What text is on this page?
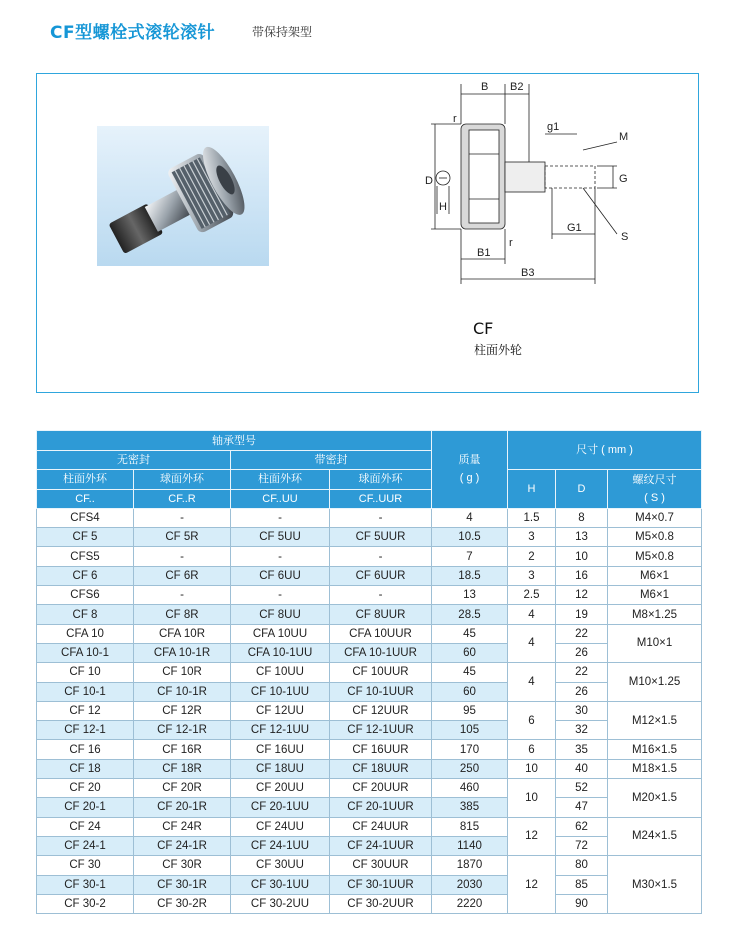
CF型螺栓式滚轮滚针	带保持架型
B B2
r
g1
M
D	G
H
G1
S
r
B1
B3
CF
柱面外轮
轴承型号				质量
( g )	尺寸 ( mm )		
无密封		带密封					
柱面外环	球面外环	柱面外环	球面外环		H	D	螺纹尺寸
( S )
CF..	CF..R	CF..UU	CF..UUR				
CFS4	-	-	-	4	1.5	8	M4×0.7
CF 5	CF 5R	CF 5UU	CF 5UUR	10.5	3	13	M5×0.8
CFS5	-	-	-	7	2	10	M5×0.8
CF 6	CF 6R	CF 6UU	CF 6UUR	18.5	3	16	M6×1
CFS6	-	-	-	13	2.5	12	M6×1
CF 8	CF 8R	CF 8UU	CF 8UUR	28.5	4	19	M8×1.25
CFA 10	CFA 10R	CFA 10UU	CFA 10UUR	45	4	22	M10×1
CFA 10-1	CFA 10-1R	CFA 10-1UU	CFA 10-1UUR	60		26	
CF 10	CF 10R	CF 10UU	CF 10UUR	45	4	22	M10×1.25
CF 10-1	CF 10-1R	CF 10-1UU	CF 10-1UUR	60		26	
CF 12	CF 12R	CF 12UU	CF 12UUR	95	6	30	M12×1.5
CF 12-1	CF 12-1R	CF 12-1UU	CF 12-1UUR	105		32	
CF 16	CF 16R	CF 16UU	CF 16UUR	170	6	35	M16×1.5
CF 18	CF 18R	CF 18UU	CF 18UUR	250	10	40	M18×1.5
CF 20	CF 20R	CF 20UU	CF 20UUR	460	10	52	M20×1.5
CF 20-1	CF 20-1R	CF 20-1UU	CF 20-1UUR	385		47	
CF 24	CF 24R	CF 24UU	CF 24UUR	815	12	62	M24×1.5
CF 24-1	CF 24-1R	CF 24-1UU	CF 24-1UUR	1140		72	
CF 30	CF 30R	CF 30UU	CF 30UUR	1870	12	80	M30×1.5
CF 30-1	CF 30-1R	CF 30-1UU	CF 30-1UUR	2030		85	
CF 30-2	CF 30-2R	CF 30-2UU	CF 30-2UUR	2220		90	
